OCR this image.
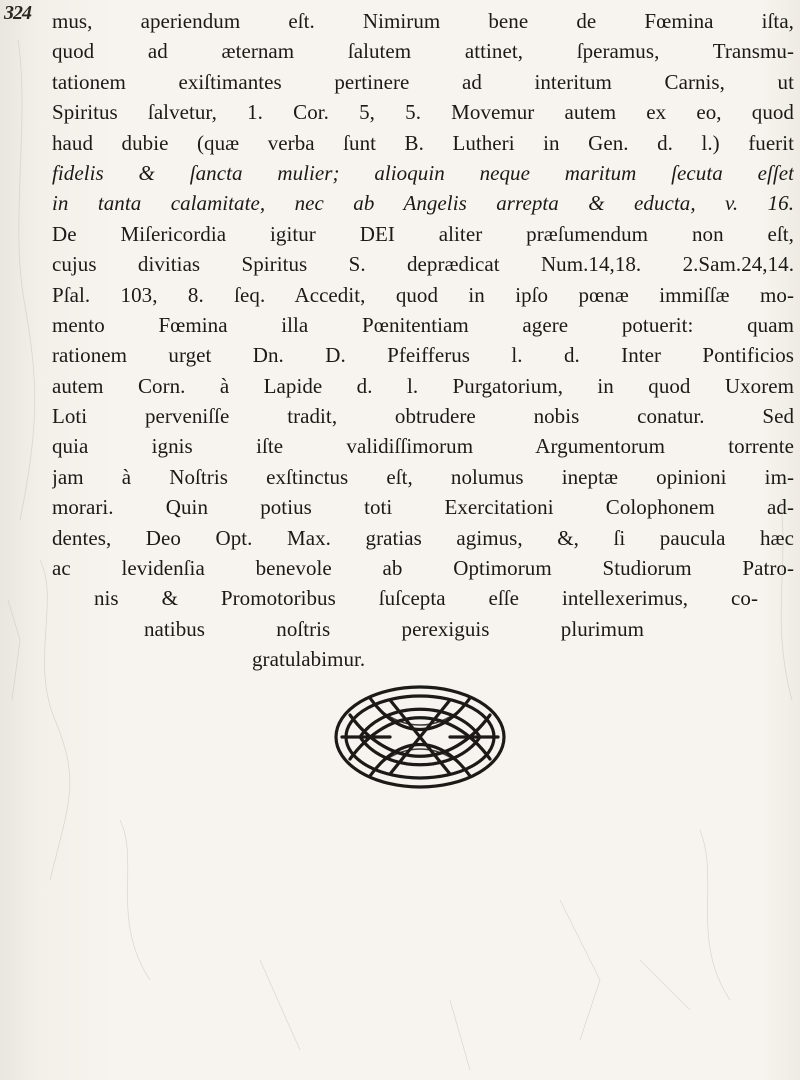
324 mus, aperiendum eſt. Nimirum bene de Fœmina iſta,
quod ad æternam ſalutem attinet, ſperamus, Transmu-
tationem exiſtimantes pertinere ad interitum Carnis, ut
Spiritus ſalvetur, 1. Cor. 5, 5. Movemur autem ex eo, quod
haud dubie (quæ verba ſunt B. Lutheri in Gen. d. l.) fuerit
fidelis & ſancta mulier; alioquin neque maritum ſecuta eſſet
in tanta calamitate, nec ab Angelis arrepta & educta, v. 16.
De Miſericordia igitur DEI aliter præſumendum non eſt,
cujus divitias Spiritus S. deprædicat Num.14,18. 2.Sam.24,14.
Pſal. 103, 8. ſeq. Accedit, quod in ipſo pœnæ immiſſæ mo-
mento Fœmina illa Pœnitentiam agere potuerit: quam
rationem urget Dn. D. Pfeifferus l. d. Inter Pontificios
autem Corn. à Lapide d. l. Purgatorium, in quod Uxorem
Loti perveniſſe tradit, obtrudere nobis conatur. Sed
quia ignis iſte validiſſimorum Argumentorum torrente
jam à Noſtris exſtinctus eſt, nolumus ineptæ opinioni im-
morari. Quin potius toti Exercitationi Colophonem ad-
dentes, Deo Opt. Max. gratias agimus, &, ſi paucula hæc
ac levidenſia benevole ab Optimorum Studiorum Patro-
nis & Promotoribus ſuſcepta eſſe intellexerimus, co-
natibus noſtris perexiguis plurimum
gratulabimur.
